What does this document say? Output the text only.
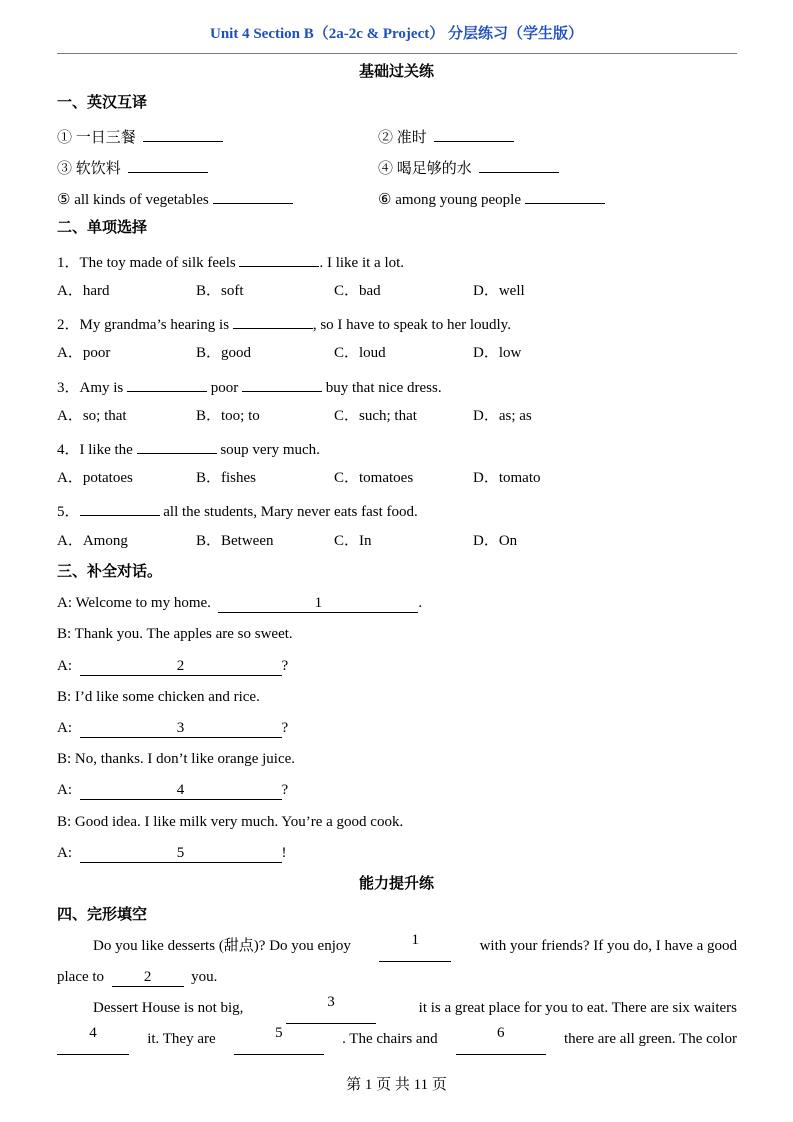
Unit 4 Section B（2a-2c & Project） 分层练习（学生版）
基础过关练
一、英汉互译
① 一日三餐	② 准时
③ 软饮料	④ 喝足够的水
⑤ all kinds of vegetables	⑥ among young people
二、单项选择
1．The toy made of silk feels	. I like it a lot.
A．hard	B．soft	C．bad	D．well
2．My grandma’s hearing is	, so I have to speak to her loudly.
A．poor	B．good	C．loud	D．low
3．Amy is	poor	buy that nice dress.
A．so; that	B．too; to	C．such; that	D．as; as
4．I like the	soup very much.
A．potatoes	B．fishes	C．tomatoes	D．tomato
5．	all the students, Mary never eats fast food.
A．Among	B．Between	C．In	D．On
三、补全对话。
A: Welcome to my home.	1	.
B: Thank you. The apples are so sweet.
A:	2	?
B: I’d like some chicken and rice.
A:	3	?
B: No, thanks. I don’t like orange juice.
A:	4	?
B: Good idea. I like milk very much. You’re a good cook.
A:	5	!
能力提升练
四、完形填空
Do you like desserts (甜点)? Do you enjoy	1	with your friends? If you do, I have a good
place to	2	you.
Dessert House is not big,	3	it is a great place for you to eat. There are six waiters
4	it. They are	5	. The chairs and	6	there are all green. The color
第 1 页 共 11 页
